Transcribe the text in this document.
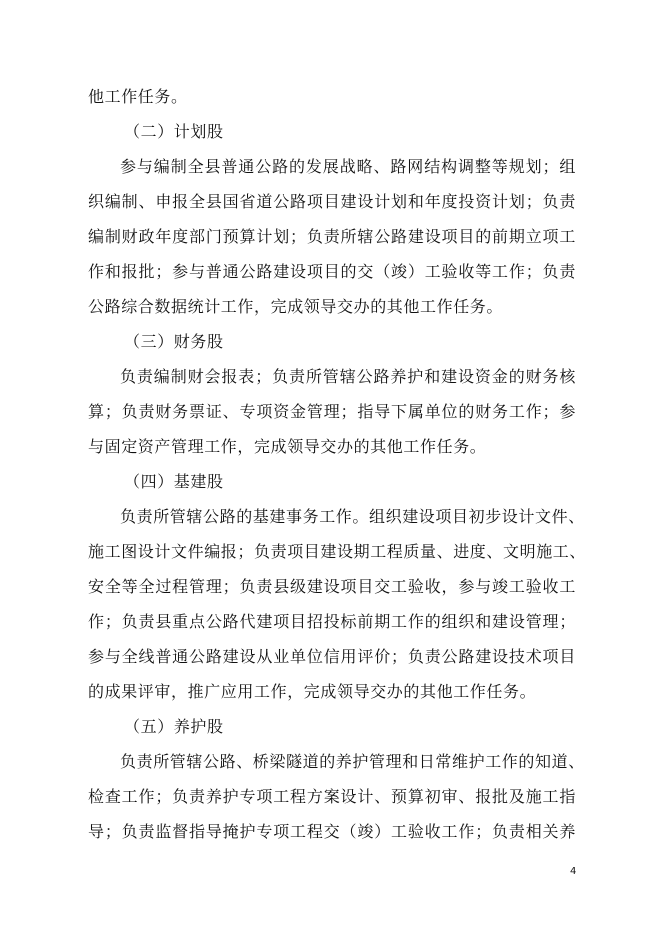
他工作任务。
（二）计划股
参与编制全县普通公路的发展战略、路网结构调整等规划；组
织编制、申报全县国省道公路项目建设计划和年度投资计划；负责
编制财政年度部门预算计划；负责所辖公路建设项目的前期立项工
作和报批；参与普通公路建设项目的交（竣）工验收等工作；负责
公路综合数据统计工作，完成领导交办的其他工作任务。
（三）财务股
负责编制财会报表；负责所管辖公路养护和建设资金的财务核
算；负责财务票证、专项资金管理；指导下属单位的财务工作；参
与固定资产管理工作，完成领导交办的其他工作任务。
（四）基建股
负责所管辖公路的基建事务工作。组织建设项目初步设计文件、
施工图设计文件编报；负责项目建设期工程质量、进度、文明施工、
安全等全过程管理；负责县级建设项目交工验收，参与竣工验收工
作；负责县重点公路代建项目招投标前期工作的组织和建设管理；
参与全线普通公路建设从业单位信用评价；负责公路建设技术项目
的成果评审，推广应用工作，完成领导交办的其他工作任务。
（五）养护股
负责所管辖公路、桥梁隧道的养护管理和日常维护工作的知道、
检查工作；负责养护专项工程方案设计、预算初审、报批及施工指
导；负责监督指导掩护专项工程交（竣）工验收工作；负责相关养
4
